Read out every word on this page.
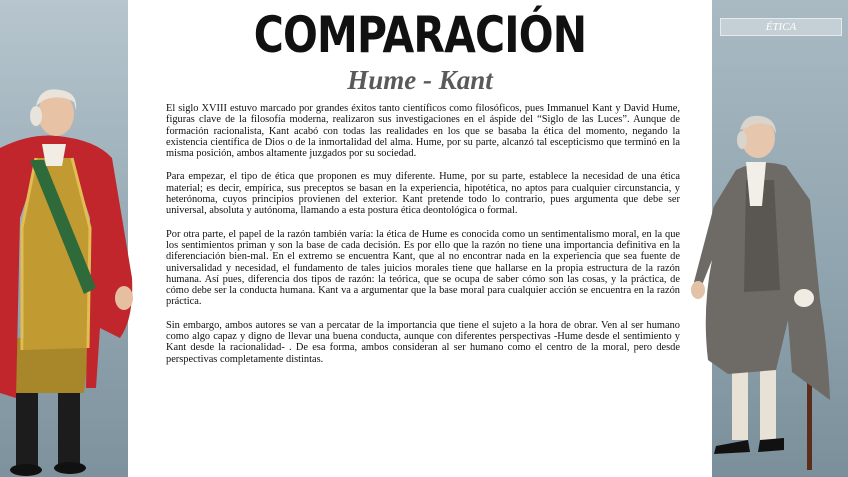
COMPARACIÓN
Hume - Kant

El siglo XVIII estuvo marcado por grandes éxitos tanto científicos como filosóficos, pues Immanuel Kant y David Hume, figuras clave de la filosofía moderna, realizaron sus investigaciones en el áspide del “Siglo de las Luces”. Aunque de formación racionalista, Kant acabó con todas las realidades en los que se basaba la ética del momento, negando la existencia científica de Dios o de la inmortalidad del alma. Hume, por su parte, alcanzó tal escepticismo que terminó en la misma posición, ambos altamente juzgados por su sociedad.

Para empezar, el tipo de ética que proponen es muy diferente. Hume, por su parte, establece la necesidad de una ética material; es decir, empírica, sus preceptos se basan en la experiencia, hipotética, no aptos para cualquier circunstancia, y heterónoma, cuyos principios provienen del exterior. Kant pretende todo lo contrario, pues argumenta que debe ser universal, absoluta y autónoma, llamando a esta postura ética deontológica o formal.

Por otra parte, el papel de la razón también varía: la ética de Hume es conocida como un sentimentalismo moral, en la que los sentimientos priman y son la base de cada decisión. Es por ello que la razón no tiene una importancia definitiva en la diferenciación bien-mal. En el extremo se encuentra Kant, que al no encontrar nada en la experiencia que sea fuente de universalidad y necesidad, el fundamento de tales juicios morales tiene que hallarse en la propia estructura de la razón humana. Así pues, diferencia dos tipos de razón: la teórica, que se ocupa de saber cómo son las cosas, y la práctica, de cómo debe ser la conducta humana. Kant va a argumentar que la base moral para cualquier acción se encuentra en la razón práctica.

Sin embargo, ambos autores se van a percatar de la importancia que tiene el sujeto a la hora de obrar. Ven al ser humano como algo capaz y digno de llevar una buena conducta, aunque con diferentes perspectivas -Hume desde el sentimiento y Kant desde la racionalidad- . De esa forma, ambos consideran al ser humano como el centro de la moral, pero desde perspectivas completamente distintas.

ÉTICA
